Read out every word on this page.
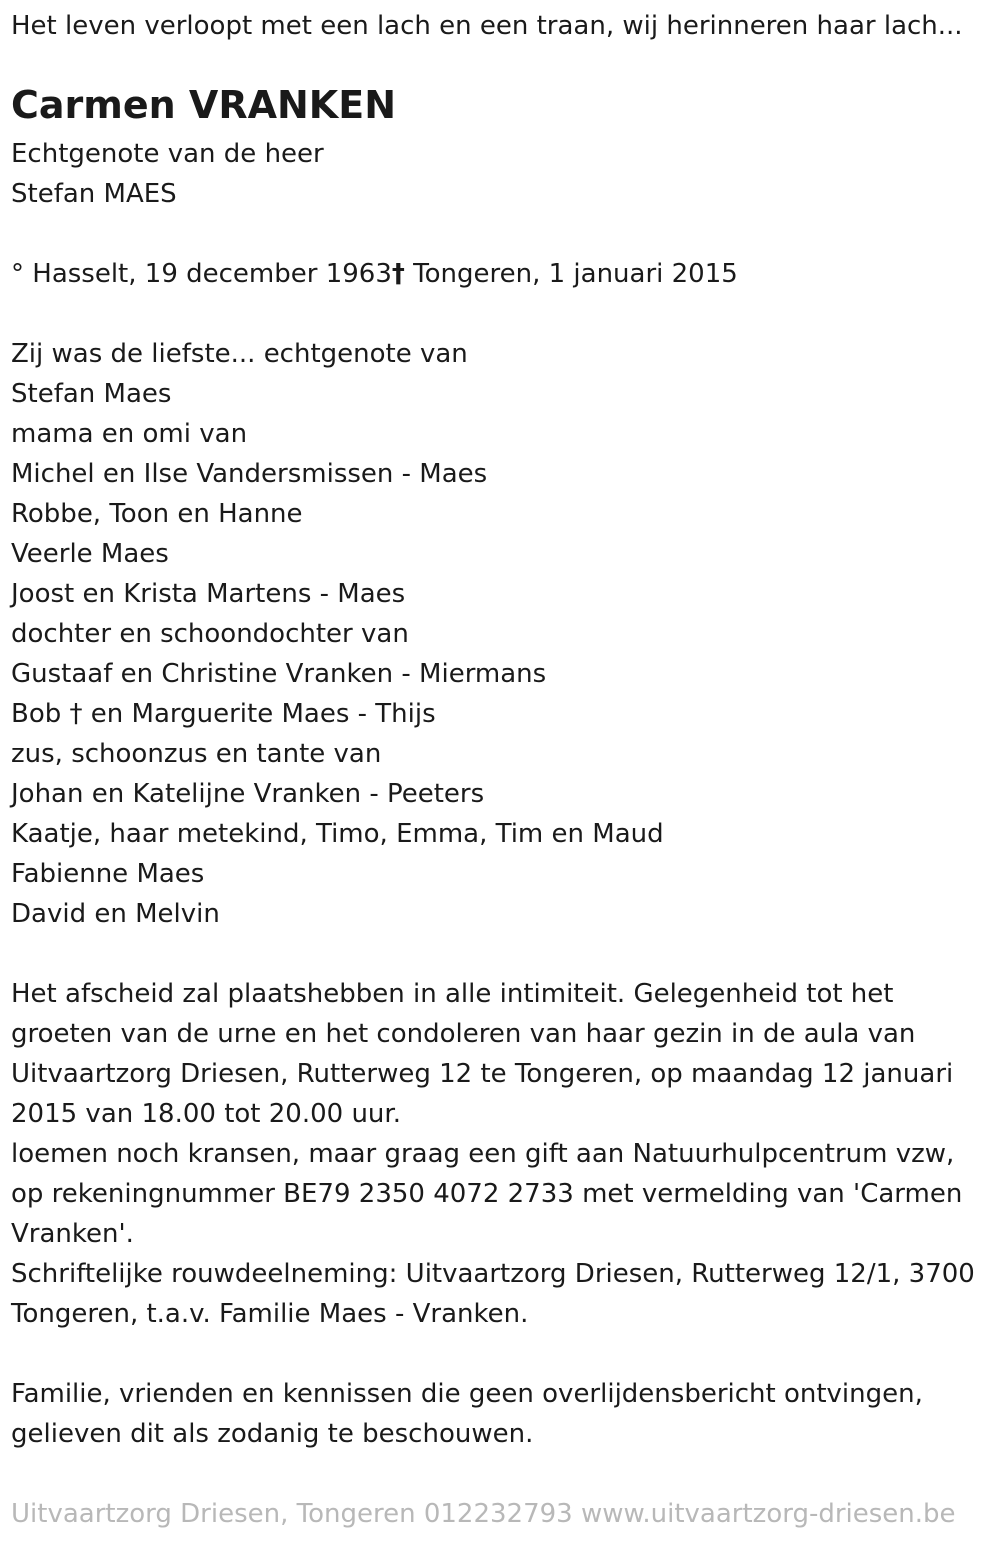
Het leven verloopt met een lach en een traan, wij herinneren haar lach...

Carmen VRANKEN

Echtgenote van de heer

Stefan MAES

° Hasselt, 19 december 1963† Tongeren, 1 januari 2015

Zij was de liefste... echtgenote van

Stefan Maes

mama en omi van

Michel en Ilse Vandersmissen - Maes

Robbe, Toon en Hanne

Veerle Maes

Joost en Krista Martens - Maes

dochter en schoondochter van

Gustaaf en Christine Vranken - Miermans

Bob † en Marguerite Maes - Thijs

zus, schoonzus en tante van

Johan en Katelijne Vranken - Peeters

Kaatje, haar metekind, Timo, Emma, Tim en Maud

Fabienne Maes

David en Melvin

Het afscheid zal plaatshebben in alle intimiteit. Gelegenheid tot het groeten van de urne en het condoleren van haar gezin in de aula van Uitvaartzorg Driesen, Rutterweg 12 te Tongeren, op maandag 12 januari 2015 van 18.00 tot 20.00 uur.

loemen noch kransen, maar graag een gift aan Natuurhulpcentrum vzw, op rekeningnummer BE79 2350 4072 2733 met vermelding van 'Carmen Vranken'.

Schriftelijke rouwdeelneming: Uitvaartzorg Driesen, Rutterweg 12/1, 3700 Tongeren, t.a.v. Familie Maes - Vranken.

Familie, vrienden en kennissen die geen overlijdensbericht ontvingen, gelieven dit als zodanig te beschouwen.

Uitvaartzorg Driesen, Tongeren 012232793 www.uitvaartzorg-driesen.be
